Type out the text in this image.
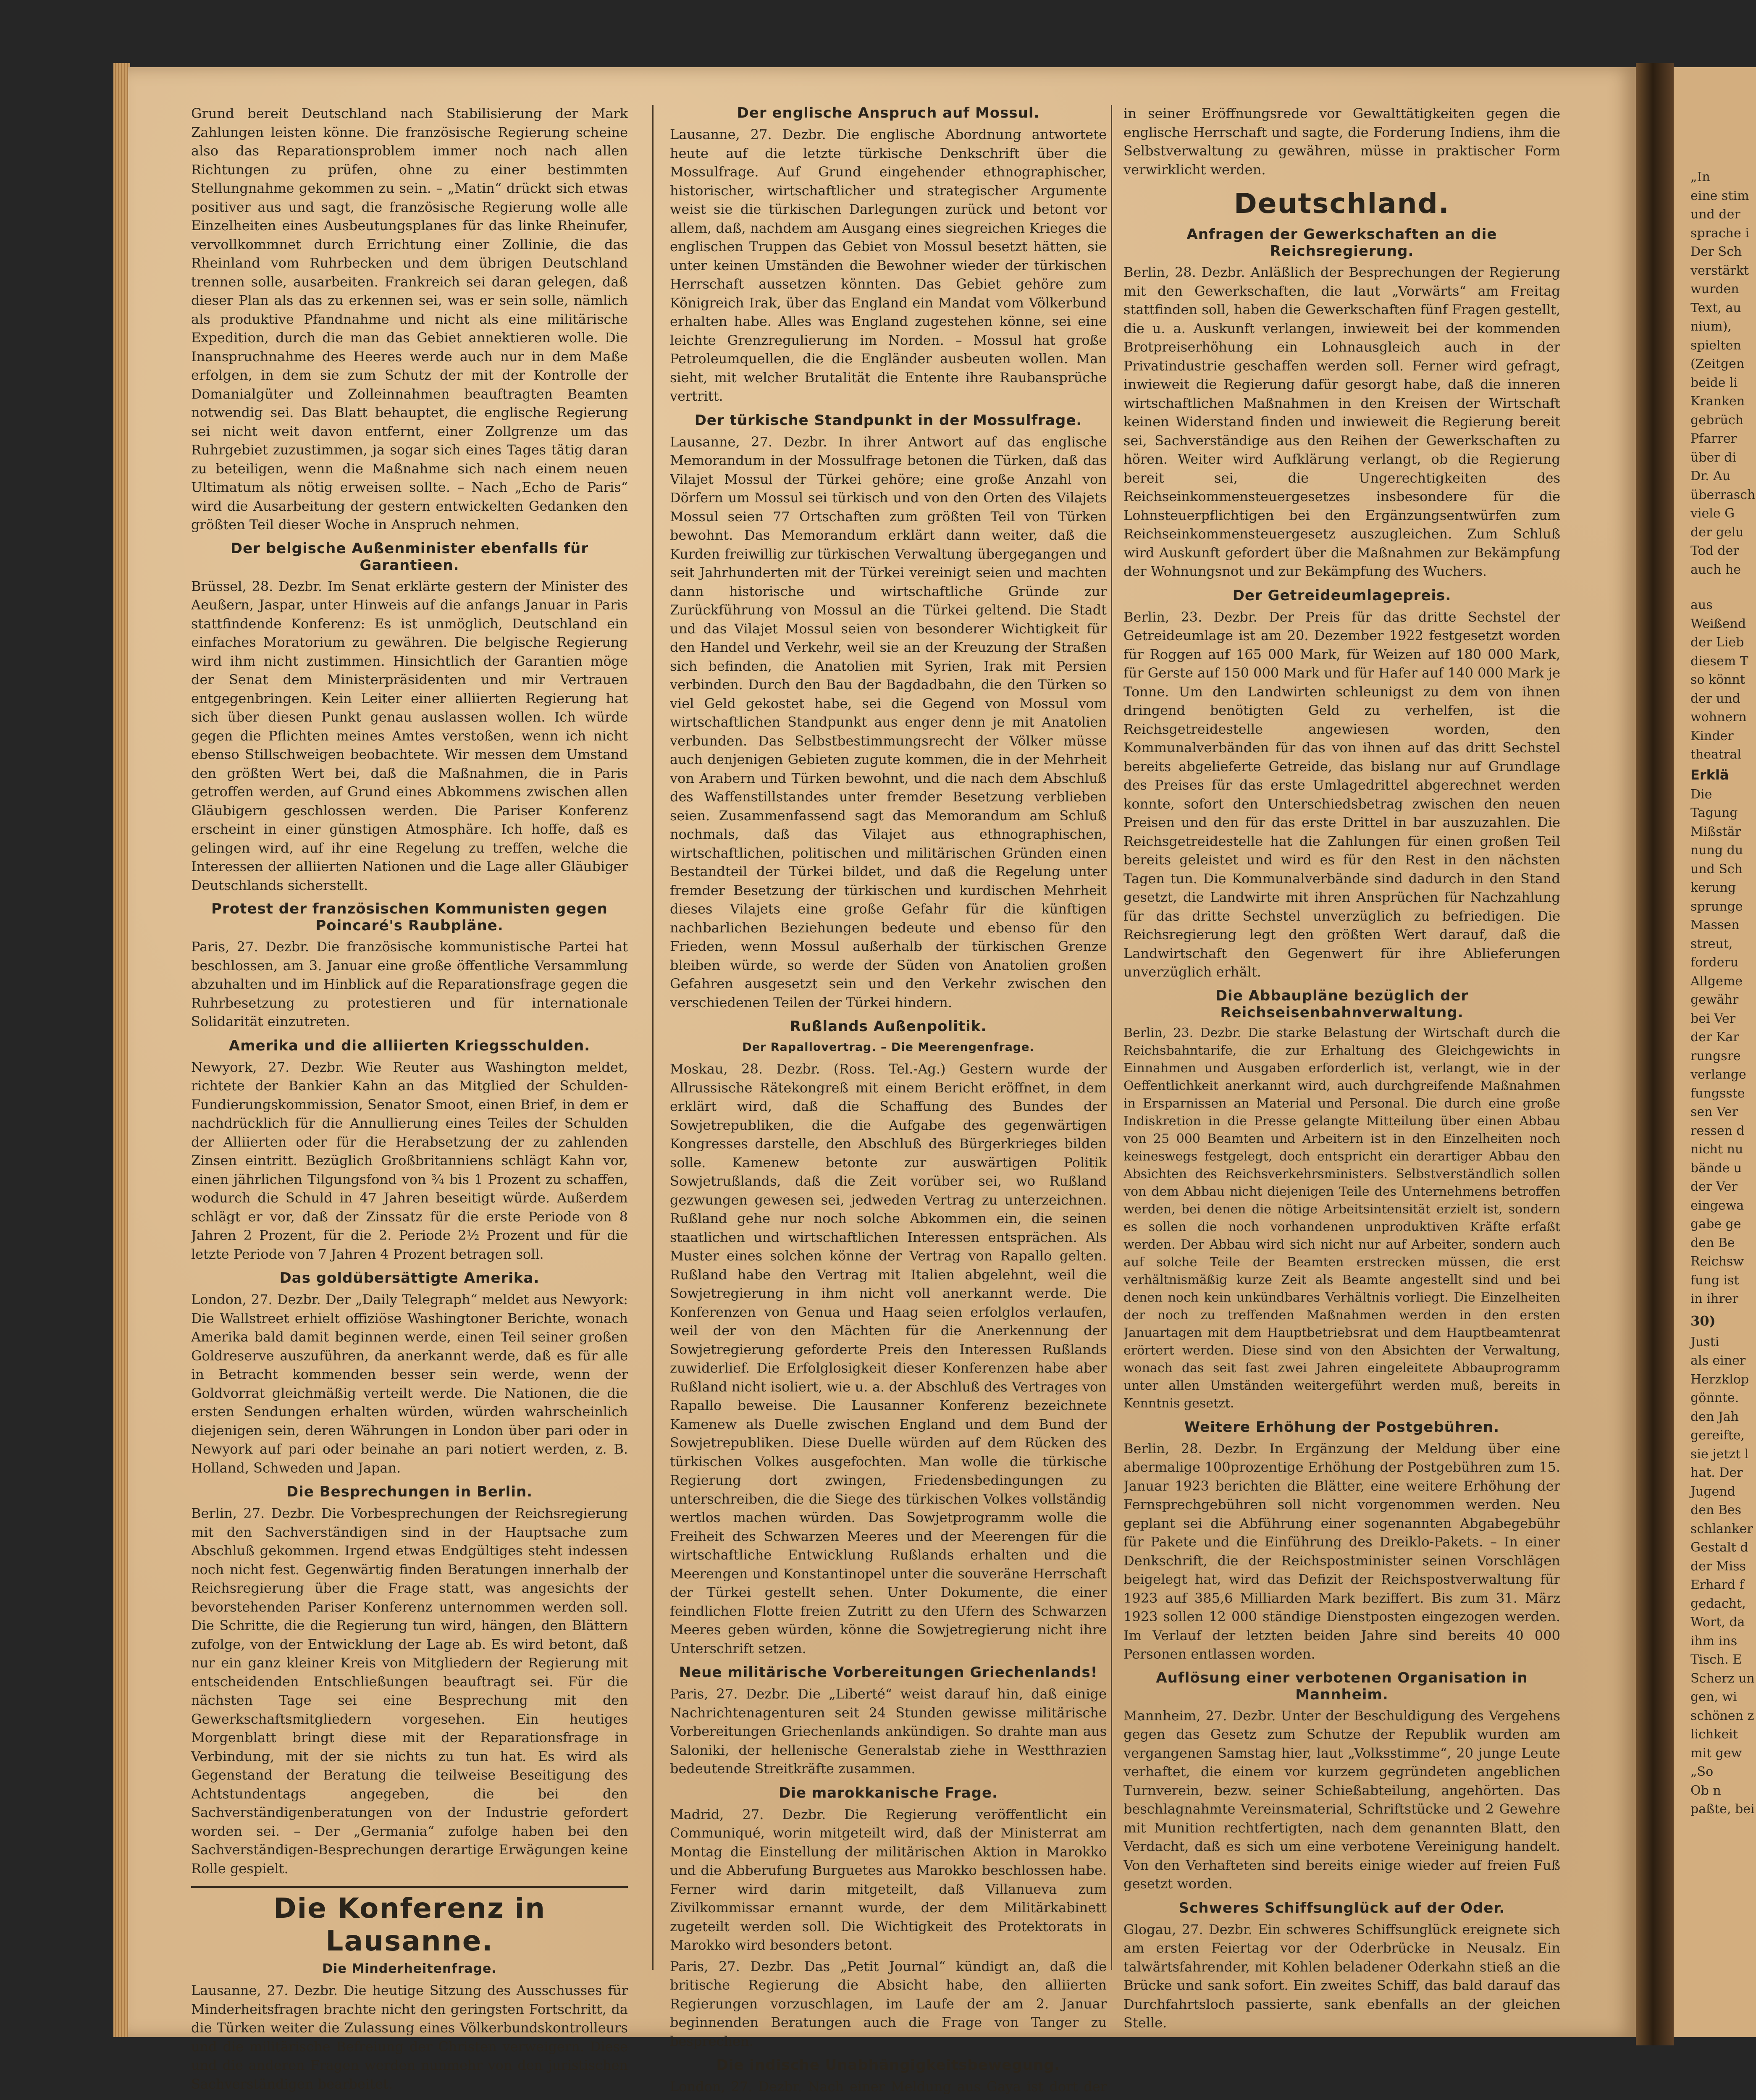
Grund bereit Deutschland nach Stabilisierung der Mark Zahlungen leisten könne. Die französische Regierung scheine also das Reparationsproblem immer noch nach allen Richtungen zu prüfen, ohne zu einer bestimmten Stellungnahme gekommen zu sein. – „Matin“ drückt sich etwas positiver aus und sagt, die französische Regierung wolle alle Einzelheiten eines Ausbeutungsplanes für das linke Rheinufer, vervollkommnet durch Errichtung einer Zollinie, die das Rheinland vom Ruhrbecken und dem übrigen Deutschland trennen solle, ausarbeiten. Frankreich sei daran gelegen, daß dieser Plan als das zu erkennen sei, was er sein solle, nämlich als produktive Pfandnahme und nicht als eine militärische Expedition, durch die man das Gebiet annektieren wolle. Die Inanspruchnahme des Heeres werde auch nur in dem Maße erfolgen, in dem sie zum Schutz der mit der Kontrolle der Domanialgüter und Zolleinnahmen beauftragten Beamten notwendig sei. Das Blatt behauptet, die englische Regierung sei nicht weit davon entfernt, einer Zollgrenze um das Ruhrgebiet zuzustimmen, ja sogar sich eines Tages tätig daran zu beteiligen, wenn die Maßnahme sich nach einem neuen Ultimatum als nötig erweisen sollte. – Nach „Echo de Paris“ wird die Ausarbeitung der gestern entwickelten Gedanken den größten Teil dieser Woche in Anspruch nehmen.

Der belgische Außenminister ebenfalls für Garantieen.

Brüssel, 28. Dezbr. Im Senat erklärte gestern der Minister des Aeußern, Jaspar, unter Hinweis auf die anfangs Januar in Paris stattfindende Konferenz: Es ist unmöglich, Deutschland ein einfaches Moratorium zu gewähren. Die belgische Regierung wird ihm nicht zustimmen. Hinsichtlich der Garantien möge der Senat dem Ministerpräsidenten und mir Vertrauen entgegenbringen. Kein Leiter einer alliierten Regierung hat sich über diesen Punkt genau auslassen wollen. Ich würde gegen die Pflichten meines Amtes verstoßen, wenn ich nicht ebenso Stillschweigen beobachtete. Wir messen dem Umstand den größten Wert bei, daß die Maßnahmen, die in Paris getroffen werden, auf Grund eines Abkommens zwischen allen Gläubigern geschlossen werden. Die Pariser Konferenz erscheint in einer günstigen Atmosphäre. Ich hoffe, daß es gelingen wird, auf ihr eine Regelung zu treffen, welche die Interessen der alliierten Nationen und die Lage aller Gläubiger Deutschlands sicherstellt.

Protest der französischen Kommunisten gegen Poincaré's Raubpläne.

Paris, 27. Dezbr. Die französische kommunistische Partei hat beschlossen, am 3. Januar eine große öffentliche Versammlung abzuhalten und im Hinblick auf die Reparationsfrage gegen die Ruhrbesetzung zu protestieren und für internationale Solidarität einzutreten.

Amerika und die alliierten Kriegsschulden.

Newyork, 27. Dezbr. Wie Reuter aus Washington meldet, richtete der Bankier Kahn an das Mitglied der Schulden-Fundierungskommission, Senator Smoot, einen Brief, in dem er nachdrücklich für die Annullierung eines Teiles der Schulden der Alliierten oder für die Herabsetzung der zu zahlenden Zinsen eintritt. Bezüglich Großbritanniens schlägt Kahn vor, einen jährlichen Tilgungsfond von ¾ bis 1 Prozent zu schaffen, wodurch die Schuld in 47 Jahren beseitigt würde. Außerdem schlägt er vor, daß der Zinssatz für die erste Periode von 8 Jahren 2 Prozent, für die 2. Periode 2½ Prozent und für die letzte Periode von 7 Jahren 4 Prozent betragen soll.

Das goldübersättigte Amerika.

London, 27. Dezbr. Der „Daily Telegraph“ meldet aus Newyork: Die Wallstreet erhielt offiziöse Washingtoner Berichte, wonach Amerika bald damit beginnen werde, einen Teil seiner großen Goldreserve auszuführen, da anerkannt werde, daß es für alle in Betracht kommenden besser sein werde, wenn der Goldvorrat gleichmäßig verteilt werde. Die Nationen, die die ersten Sendungen erhalten würden, würden wahrscheinlich diejenigen sein, deren Währungen in London über pari oder in Newyork auf pari oder beinahe an pari notiert werden, z. B. Holland, Schweden und Japan.

Die Besprechungen in Berlin.

Berlin, 27. Dezbr. Die Vorbesprechungen der Reichsregierung mit den Sachverständigen sind in der Hauptsache zum Abschluß gekommen. Irgend etwas Endgültiges steht indessen noch nicht fest. Gegenwärtig finden Beratungen innerhalb der Reichsregierung über die Frage statt, was angesichts der bevorstehenden Pariser Konferenz unternommen werden soll. Die Schritte, die die Regierung tun wird, hängen, den Blättern zufolge, von der Entwicklung der Lage ab. Es wird betont, daß nur ein ganz kleiner Kreis von Mitgliedern der Regierung mit entscheidenden Entschließungen beauftragt sei. Für die nächsten Tage sei eine Besprechung mit den Gewerkschaftsmitgliedern vorgesehen. Ein heutiges Morgenblatt bringt diese mit der Reparationsfrage in Verbindung, mit der sie nichts zu tun hat. Es wird als Gegenstand der Beratung die teilweise Beseitigung des Achtstundentags angegeben, die bei den Sachverständigenberatungen von der Industrie gefordert worden sei. – Der „Germania“ zufolge haben bei den Sachverständigen-Besprechungen derartige Erwägungen keine Rolle gespielt.

Die Konferenz in Lausanne.
Die Minderheitenfrage.

Lausanne, 27. Dezbr. Die heutige Sitzung des Ausschusses für Minderheitsfragen brachte nicht den geringsten Fortschritt, da die Türken weiter die Zulassung eines Völkerbundskontrolleurs und die militärische Befreiung der Christen verweigern. Diese und die anderen Fragen werden nunmehr von den juristischen Sachverständigen bearbeitet.

Der englische Anspruch auf Mossul.

Lausanne, 27. Dezbr. Die englische Abordnung antwortete heute auf die letzte türkische Denkschrift über die Mossulfrage. Auf Grund eingehender ethnographischer, historischer, wirtschaftlicher und strategischer Argumente weist sie die türkischen Darlegungen zurück und betont vor allem, daß, nachdem am Ausgang eines siegreichen Krieges die englischen Truppen das Gebiet von Mossul besetzt hätten, sie unter keinen Umständen die Bewohner wieder der türkischen Herrschaft aussetzen könnten. Das Gebiet gehöre zum Königreich Irak, über das England ein Mandat vom Völkerbund erhalten habe. Alles was England zugestehen könne, sei eine leichte Grenzregulierung im Norden. – Mossul hat große Petroleumquellen, die die Engländer ausbeuten wollen. Man sieht, mit welcher Brutalität die Entente ihre Raubansprüche vertritt.

Der türkische Standpunkt in der Mossulfrage.

Lausanne, 27. Dezbr. In ihrer Antwort auf das englische Memorandum in der Mossulfrage betonen die Türken, daß das Vilajet Mossul der Türkei gehöre; eine große Anzahl von Dörfern um Mossul sei türkisch und von den Orten des Vilajets Mossul seien 77 Ortschaften zum größten Teil von Türken bewohnt. Das Memorandum erklärt dann weiter, daß die Kurden freiwillig zur türkischen Verwaltung übergegangen und seit Jahrhunderten mit der Türkei vereinigt seien und machten dann historische und wirtschaftliche Gründe zur Zurückführung von Mossul an die Türkei geltend. Die Stadt und das Vilajet Mossul seien von besonderer Wichtigkeit für den Handel und Verkehr, weil sie an der Kreuzung der Straßen sich befinden, die Anatolien mit Syrien, Irak mit Persien verbinden. Durch den Bau der Bagdadbahn, die den Türken so viel Geld gekostet habe, sei die Gegend von Mossul vom wirtschaftlichen Standpunkt aus enger denn je mit Anatolien verbunden. Das Selbstbestimmungsrecht der Völker müsse auch denjenigen Gebieten zugute kommen, die in der Mehrheit von Arabern und Türken bewohnt, und die nach dem Abschluß des Waffenstillstandes unter fremder Besetzung verblieben seien. Zusammenfassend sagt das Memorandum am Schluß nochmals, daß das Vilajet aus ethnographischen, wirtschaftlichen, politischen und militärischen Gründen einen Bestandteil der Türkei bildet, und daß die Regelung unter fremder Besetzung der türkischen und kurdischen Mehrheit dieses Vilajets eine große Gefahr für die künftigen nachbarlichen Beziehungen bedeute und ebenso für den Frieden, wenn Mossul außerhalb der türkischen Grenze bleiben würde, so werde der Süden von Anatolien großen Gefahren ausgesetzt sein und den Verkehr zwischen den verschiedenen Teilen der Türkei hindern.

Rußlands Außenpolitik.
Der Rapallovertrag. – Die Meerengenfrage.

Moskau, 28. Dezbr. (Ross. Tel.-Ag.) Gestern wurde der Allrussische Rätekongreß mit einem Bericht eröffnet, in dem erklärt wird, daß die Schaffung des Bundes der Sowjetrepubliken, die die Aufgabe des gegenwärtigen Kongresses darstelle, den Abschluß des Bürgerkrieges bilden solle. Kamenew betonte zur auswärtigen Politik Sowjetrußlands, daß die Zeit vorüber sei, wo Rußland gezwungen gewesen sei, jedweden Vertrag zu unterzeichnen. Rußland gehe nur noch solche Abkommen ein, die seinen staatlichen und wirtschaftlichen Interessen entsprächen. Als Muster eines solchen könne der Vertrag von Rapallo gelten. Rußland habe den Vertrag mit Italien abgelehnt, weil die Sowjetregierung in ihm nicht voll anerkannt werde. Die Konferenzen von Genua und Haag seien erfolglos verlaufen, weil der von den Mächten für die Anerkennung der Sowjetregierung geforderte Preis den Interessen Rußlands zuwiderlief. Die Erfolglosigkeit dieser Konferenzen habe aber Rußland nicht isoliert, wie u. a. der Abschluß des Vertrages von Rapallo beweise. Die Lausanner Konferenz bezeichnete Kamenew als Duelle zwischen England und dem Bund der Sowjetrepubliken. Diese Duelle würden auf dem Rücken des türkischen Volkes ausgefochten. Man wolle die türkische Regierung dort zwingen, Friedensbedingungen zu unterschreiben, die die Siege des türkischen Volkes vollständig wertlos machen würden. Das Sowjetprogramm wolle die Freiheit des Schwarzen Meeres und der Meerengen für die wirtschaftliche Entwicklung Rußlands erhalten und die Meerengen und Konstantinopel unter die souveräne Herrschaft der Türkei gestellt sehen. Unter Dokumente, die einer feindlichen Flotte freien Zutritt zu den Ufern des Schwarzen Meeres geben würden, könne die Sowjetregierung nicht ihre Unterschrift setzen.

Neue militärische Vorbereitungen Griechenlands!

Paris, 27. Dezbr. Die „Liberté“ weist darauf hin, daß einige Nachrichtenagenturen seit 24 Stunden gewisse militärische Vorbereitungen Griechenlands ankündigen. So drahte man aus Saloniki, der hellenische Generalstab ziehe in Westthrazien bedeutende Streitkräfte zusammen.

Die marokkanische Frage.

Madrid, 27. Dezbr. Die Regierung veröffentlicht ein Communiqué, worin mitgeteilt wird, daß der Ministerrat am Montag die Einstellung der militärischen Aktion in Marokko und die Abberufung Burguetes aus Marokko beschlossen habe. Ferner wird darin mitgeteilt, daß Villanueva zum Zivilkommissar ernannt wurde, der dem Militärkabinett zugeteilt werden soll. Die Wichtigkeit des Protektorats in Marokko wird besonders betont.

Paris, 27. Dezbr. Das „Petit Journal“ kündigt an, daß die britische Regierung die Absicht habe, den alliierten Regierungen vorzuschlagen, im Laufe der am 2. Januar beginnenden Beratungen auch die Frage von Tanger zu besprechen.

Die indische Unabhängigkeitsbewegung.

London, 27. Dezbr. Nach einer Meldung aus Gaya ist dort der

in seiner Eröffnungsrede vor Gewalttätigkeiten gegen die englische Herrschaft und sagte, die Forderung Indiens, ihm die Selbstverwaltung zu gewähren, müsse in praktischer Form verwirklicht werden.

Deutschland.
Anfragen der Gewerkschaften an die Reichsregierung.

Berlin, 28. Dezbr. Anläßlich der Besprechungen der Regierung mit den Gewerkschaften, die laut „Vorwärts“ am Freitag stattfinden soll, haben die Gewerkschaften fünf Fragen gestellt, die u. a. Auskunft verlangen, inwieweit bei der kommenden Brotpreiserhöhung ein Lohnausgleich auch in der Privatindustrie geschaffen werden soll. Ferner wird gefragt, inwieweit die Regierung dafür gesorgt habe, daß die inneren wirtschaftlichen Maßnahmen in den Kreisen der Wirtschaft keinen Widerstand finden und inwieweit die Regierung bereit sei, Sachverständige aus den Reihen der Gewerkschaften zu hören. Weiter wird Aufklärung verlangt, ob die Regierung bereit sei, die Ungerechtigkeiten des Reichseinkommensteuergesetzes insbesondere für die Lohnsteuerpflichtigen bei den Ergänzungsentwürfen zum Reichseinkommensteuergesetz auszugleichen. Zum Schluß wird Auskunft gefordert über die Maßnahmen zur Bekämpfung der Wohnungsnot und zur Bekämpfung des Wuchers.

Der Getreideumlagepreis.

Berlin, 23. Dezbr. Der Preis für das dritte Sechstel der Getreideumlage ist am 20. Dezember 1922 festgesetzt worden für Roggen auf 165 000 Mark, für Weizen auf 180 000 Mark, für Gerste auf 150 000 Mark und für Hafer auf 140 000 Mark je Tonne. Um den Landwirten schleunigst zu dem von ihnen dringend benötigten Geld zu verhelfen, ist die Reichsgetreidestelle angewiesen worden, den Kommunalverbänden für das von ihnen auf das dritt Sechstel bereits abgelieferte Getreide, das bislang nur auf Grundlage des Preises für das erste Umlagedrittel abgerechnet werden konnte, sofort den Unterschiedsbetrag zwischen den neuen Preisen und den für das erste Drittel in bar auszuzahlen. Die Reichsgetreidestelle hat die Zahlungen für einen großen Teil bereits geleistet und wird es für den Rest in den nächsten Tagen tun. Die Kommunalverbände sind dadurch in den Stand gesetzt, die Landwirte mit ihren Ansprüchen für Nachzahlung für das dritte Sechstel unverzüglich zu befriedigen. Die Reichsregierung legt den größten Wert darauf, daß die Landwirtschaft den Gegenwert für ihre Ablieferungen unverzüglich erhält.

Die Abbaupläne bezüglich der Reichseisenbahnverwaltung.

Berlin, 23. Dezbr. Die starke Belastung der Wirtschaft durch die Reichsbahntarife, die zur Erhaltung des Gleichgewichts in Einnahmen und Ausgaben erforderlich ist, verlangt, wie in der Oeffentlichkeit anerkannt wird, auch durchgreifende Maßnahmen in Ersparnissen an Material und Personal. Die durch eine große Indiskretion in die Presse gelangte Mitteilung über einen Abbau von 25 000 Beamten und Arbeitern ist in den Einzelheiten noch keineswegs festgelegt, doch entspricht ein derartiger Abbau den Absichten des Reichsverkehrsministers. Selbstverständlich sollen von dem Abbau nicht diejenigen Teile des Unternehmens betroffen werden, bei denen die nötige Arbeitsintensität erzielt ist, sondern es sollen die noch vorhandenen unproduktiven Kräfte erfaßt werden. Der Abbau wird sich nicht nur auf Arbeiter, sondern auch auf solche Teile der Beamten erstrecken müssen, die erst verhältnismäßig kurze Zeit als Beamte angestellt sind und bei denen noch kein unkündbares Verhältnis vorliegt. Die Einzelheiten der noch zu treffenden Maßnahmen werden in den ersten Januartagen mit dem Hauptbetriebsrat und dem Hauptbeamtenrat erörtert werden. Diese sind von den Absichten der Verwaltung, wonach das seit fast zwei Jahren eingeleitete Abbauprogramm unter allen Umständen weitergeführt werden muß, bereits in Kenntnis gesetzt.

Weitere Erhöhung der Postgebühren.

Berlin, 28. Dezbr. In Ergänzung der Meldung über eine abermalige 100prozentige Erhöhung der Postgebühren zum 15. Januar 1923 berichten die Blätter, eine weitere Erhöhung der Fernsprechgebühren soll nicht vorgenommen werden. Neu geplant sei die Abführung einer sogenannten Abgabegebühr für Pakete und die Einführung des Dreiklo-Pakets. – In einer Denkschrift, die der Reichspostminister seinen Vorschlägen beigelegt hat, wird das Defizit der Reichspostverwaltung für 1923 auf 385,6 Milliarden Mark beziffert. Bis zum 31. März 1923 sollen 12 000 ständige Dienstposten eingezogen werden. Im Verlauf der letzten beiden Jahre sind bereits 40 000 Personen entlassen worden.

Auflösung einer verbotenen Organisation in Mannheim.

Mannheim, 27. Dezbr. Unter der Beschuldigung des Vergehens gegen das Gesetz zum Schutze der Republik wurden am vergangenen Samstag hier, laut „Volksstimme“, 20 junge Leute verhaftet, die einem vor kurzem gegründeten angeblichen Turnverein, bezw. seiner Schießabteilung, angehörten. Das beschlagnahmte Vereinsmaterial, Schriftstücke und 2 Gewehre mit Munition rechtfertigten, nach dem genannten Blatt, den Verdacht, daß es sich um eine verbotene Vereinigung handelt. Von den Verhafteten sind bereits einige wieder auf freien Fuß gesetzt worden.

Schweres Schiffsunglück auf der Oder.

Glogau, 27. Dezbr. Ein schweres Schiffsunglück ereignete sich am ersten Feiertag vor der Oderbrücke in Neusalz. Ein talwärtsfahrender, mit Kohlen beladener Oderkahn stieß an die Brücke und sank sofort. Ein zweites Schiff, das bald darauf das Durchfahrtsloch passierte, sank ebenfalls an der gleichen Stelle.

„In
eine stim
und der
sprache i
Der Sch
verstärkt
wurden
Text, au
nium),
spielten
(Zeitgen
beide li
Kranken
gebrüch
Pfarrer
über di
Dr. Au
überrasch
viele G
der gelu
Tod der
auch he
aus
Weißend
der Lieb
diesem T
so könnt
der und
wohnern
Kinder
theatral
Erklä
Die
Tagung
Mißstär
nung du
und Sch
kerung
sprunge
Massen
streut,
forderu
Allgeme
gewähr
bei Ver
der Kar
rungsre
verlange
fungsste
sen Ver
ressen d
nicht nu
bände u
der Ver
eingewa
gabe ge
den Be
Reichsw
fung ist
in ihrer
30)
Justi
als einer
Herzklop
gönnte.
den Jah
gereifte,
sie jetzt l
hat. Der
Jugend
den Bes
schlanker
Gestalt d
der Miss
Erhard f
gedacht,
Wort, da
ihm ins
Tisch. E
Scherz un
gen, wi
schönen z
lichkeit
mit gew
„So
Ob n
paßte, bei
